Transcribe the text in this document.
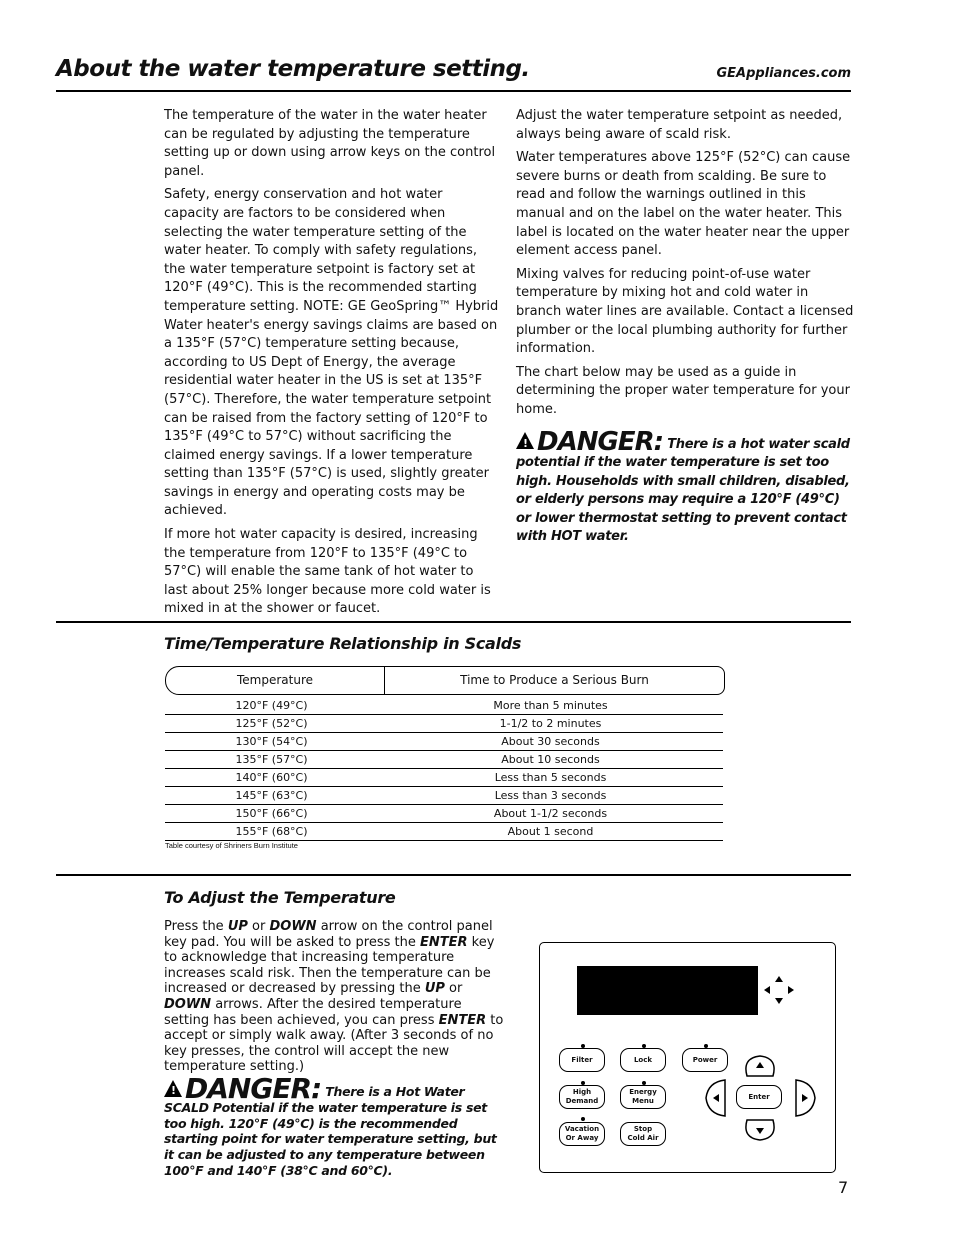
About the water temperature setting.	GEAppliances.com

The temperature of the water in the water heater can be regulated by adjusting the temperature setting up or down using arrow keys on the control panel.

Safety, energy conservation and hot water capacity are factors to be considered when selecting the water temperature setting of the water heater. To comply with safety regulations, the water temperature setpoint is factory set at 120°F (49°C). This is the recommended starting temperature setting. NOTE: GE GeoSpring™ Hybrid Water heater's energy savings claims are based on a 135°F (57°C) temperature setting because, according to US Dept of Energy, the average residential water heater in the US is set at 135°F (57°C). Therefore, the water temperature setpoint can be raised from the factory setting of 120°F to 135°F (49°C to 57°C) without sacrificing the claimed energy savings. If a lower temperature setting than 135°F (57°C) is used, slightly greater savings in energy and operating costs may be achieved.

If more hot water capacity is desired, increasing the temperature from 120°F to 135°F (49°C to 57°C) will enable the same tank of hot water to last about 25% longer because more cold water is mixed in at the shower or faucet.

Adjust the water temperature setpoint as needed, always being aware of scald risk.

Water temperatures above 125°F (52°C) can cause severe burns or death from scalding. Be sure to read and follow the warnings outlined in this manual and on the label on the water heater. This label is located on the water heater near the upper element access panel.

Mixing valves for reducing point-of-use water temperature by mixing hot and cold water in branch water lines are available. Contact a licensed plumber or the local plumbing authority for further information.

The chart below may be used as a guide in determining the proper water temperature for your home.

!DANGER: There is a hot water scald potential if the water temperature is set too high. Households with small children, disabled, or elderly persons may require a 120°F (49°C) or lower thermostat setting to prevent contact with HOT water.
Time/Temperature Relationship in Scalds
Temperature	Time to Produce a Serious Burn
120°F (49°C)	More than 5 minutes
125°F (52°C)	1-1/2 to 2 minutes
130°F (54°C)	About 30 seconds
135°F (57°C)	About 10 seconds
140°F (60°C)	Less than 5 seconds
145°F (63°C)	Less than 3 seconds
150°F (66°C)	About 1-1/2 seconds
155°F (68°C)	About 1 second
Table courtesy of Shriners Burn Institute
To Adjust the Temperature
Press the UP or DOWN arrow on the control panel key pad. You will be asked to press the ENTER key to acknowledge that increasing temperature increases scald risk. Then the temperature can be increased or decreased by pressing the UP or DOWN arrows. After the desired temperature setting has been achieved, you can press ENTER to accept or simply walk away. (After 3 seconds of no key presses, the control will accept the new temperature setting.)
!DANGER: There is a Hot Water SCALD Potential if the water temperature is set too high. 120°F (49°C) is the recommended starting point for water temperature setting, but it can be adjusted to any temperature between 100°F and 140°F (38°C and 60°C).
Filter	Lock	Power
High
Demand
Energy
Menu
Vacation
Or Away
Stop
Cold Air
Enter
7
